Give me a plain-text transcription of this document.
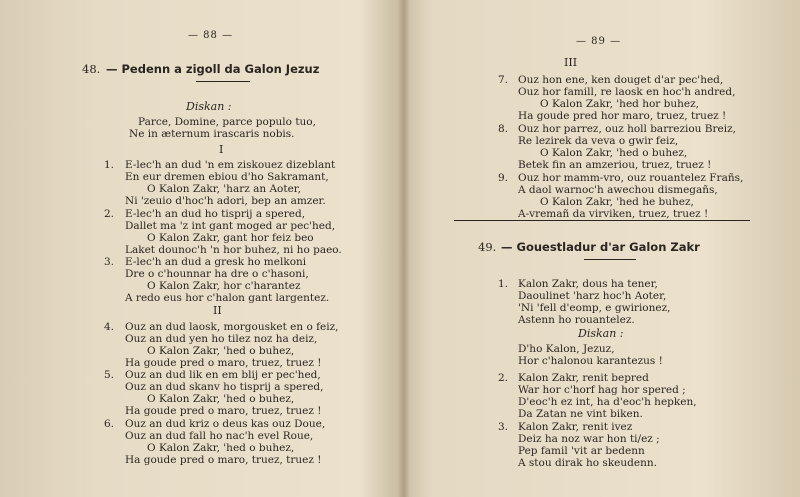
— 88 —
48. — Pedenn a zigoll da Galon Jezuz
Diskan :
Parce, Domine, parce populo tuo,
Ne in æternum irascaris nobis.
I
1. E-lec'h an dud 'n em ziskouez dizeblant
En eur dremen ebiou d'ho Sakramant,
O Kalon Zakr, 'harz an Aoter,
Ni 'zeuio d'hoc'h adori, bep an amzer.
2. E-lec'h an dud ho tisprij a spered,
Dallet ma 'z int gant moged ar pec'hed,
O Kalon Zakr, gant hor feiz beo
Laket dounoc'h 'n hor buhez, ni ho paeo.
3. E-lec'h an dud a gresk ho melkoni
Dre o c'hounnar ha dre o c'hasoni,
O Kalon Zakr, hor c'harantez
A redo eus hor c'halon gant largentez.
II
4. Ouz an dud laosk, morgousket en o feiz,
Ouz an dud yen ho tilez noz ha deiz,
O Kalon Zakr, 'hed o buhez,
Ha goude pred o maro, truez, truez !
5. Ouz an dud lik en em blij er pec'hed,
Ouz an dud skanv ho tisprij a spered,
O Kalon Zakr, 'hed o buhez,
Ha goude pred o maro, truez, truez !
6. Ouz an dud kriz o deus kas ouz Doue,
Ouz an dud fall ho nac'h evel Roue,
O Kalon Zakr, 'hed o buhez,
Ha goude pred o maro, truez, truez !
— 89 —
III
7. Ouz hon ene, ken douget d'ar pec'hed,
Ouz hor famill, re laosk en hoc'h andred,
O Kalon Zakr, 'hed hor buhez,
Ha goude pred hor maro, truez, truez !
8. Ouz hor parrez, ouz holl barreziou Breiz,
Re lezirek da veva o gwir feiz,
O Kalon Zakr, 'hed o buhez,
Betek fin an amzeriou, truez, truez !
9. Ouz hor mamm-vro, ouz rouantelez Frañs,
A daol warnoc'h awechou dismegañs,
O Kalon Zakr, 'hed he buhez,
A-vremañ da virviken, truez, truez !
49. — Gouestladur d'ar Galon Zakr
1. Kalon Zakr, dous ha tener,
Daoulinet 'harz hoc'h Aoter,
'Ni 'fell d'eomp, e gwirionez,
Astenn ho rouantelez.
Diskan :
D'ho Kalon, Jezuz,
Hor c'halonou karantezus !
2. Kalon Zakr, renit bepred
War hor c'horf hag hor spered ;
D'eoc'h ez int, ha d'eoc'h hepken,
Da Zatan ne vint biken.
3. Kalon Zakr, renit ivez
Deiz ha noz war hon ti/ez ;
Pep famil 'vit ar bedenn
A stou dirak ho skeudenn.
